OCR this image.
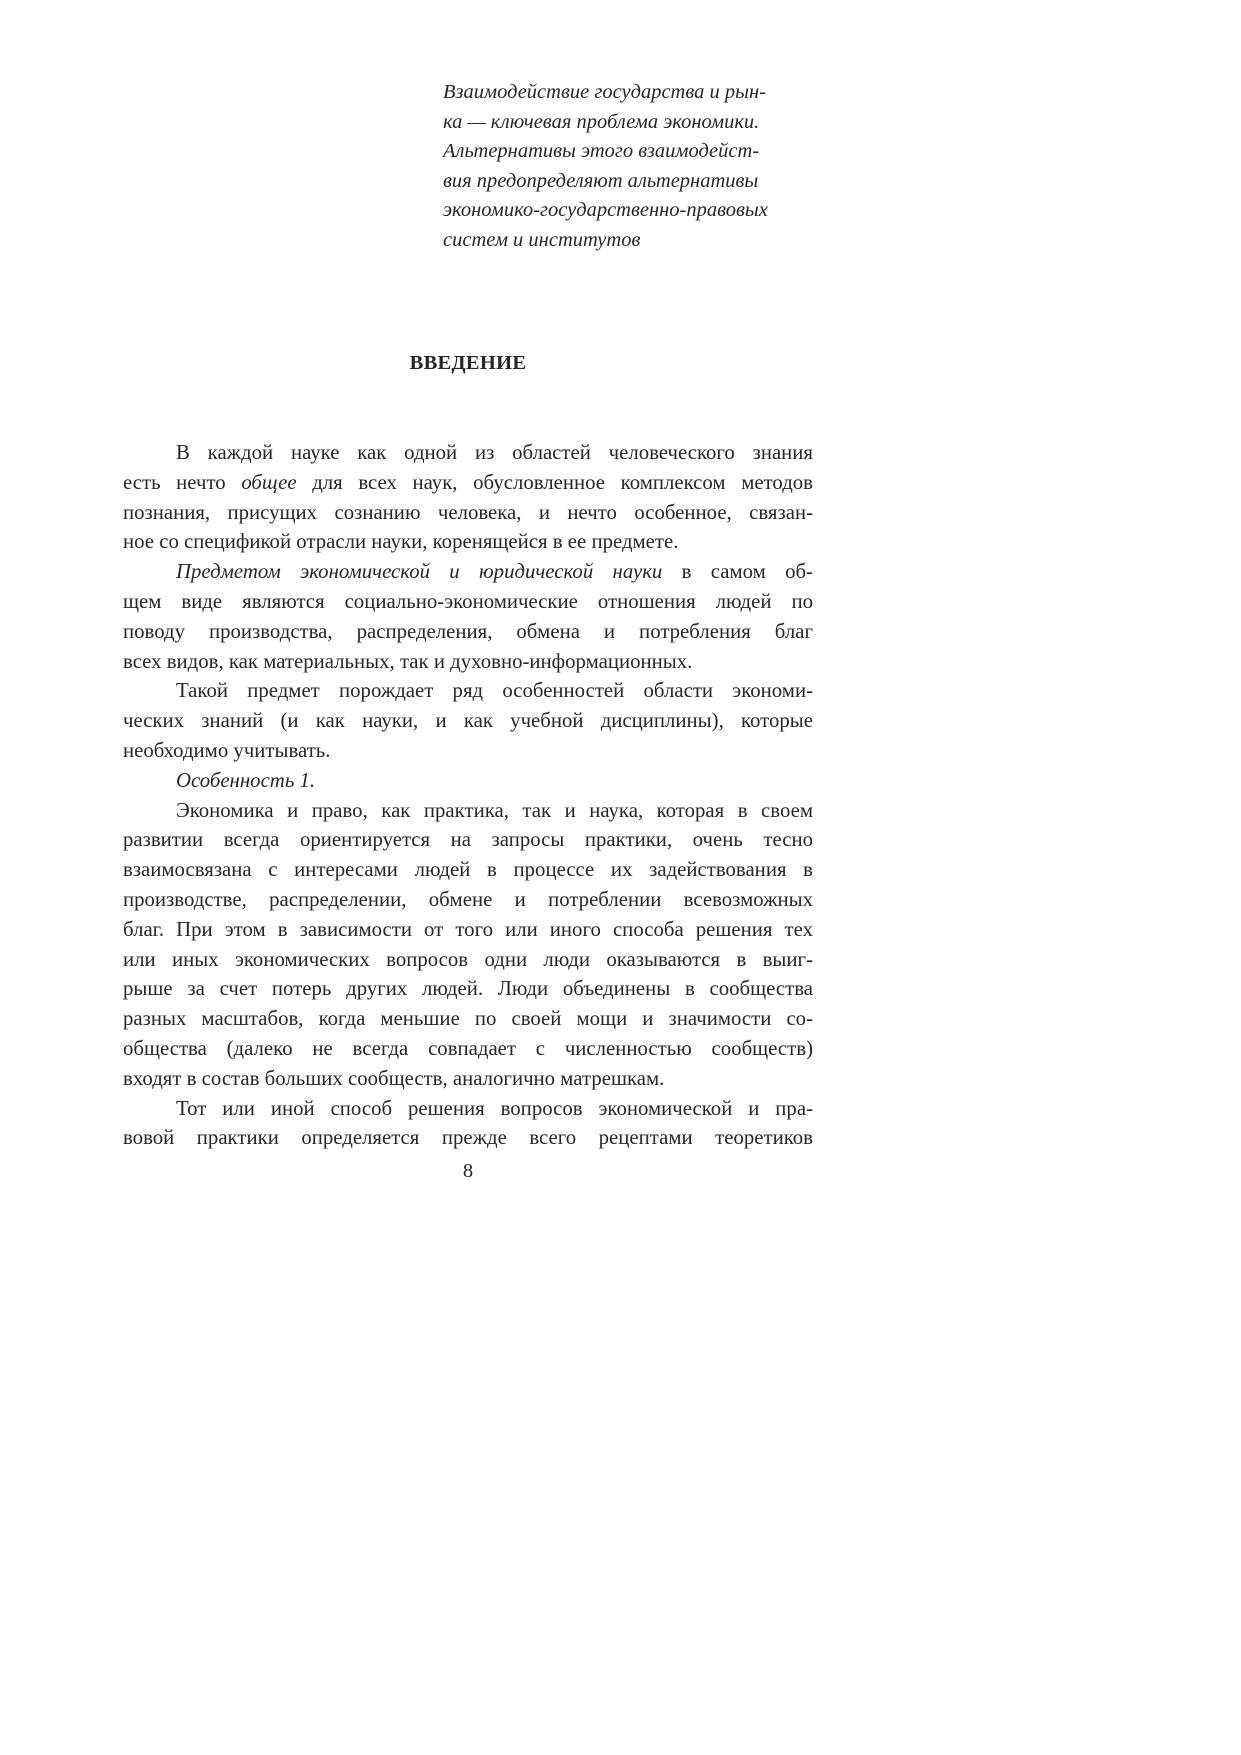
Взаимодействие государства и рын-
ка — ключевая проблема экономики.
Альтернативы этого взаимодейст-
вия предопределяют альтернативы
экономико-государственно-правовых
систем и институтов
ВВЕДЕНИЕ
В каждой науке как одной из областей человеческого знания
есть нечто общее для всех наук, обусловленное комплексом методов
познания, присущих сознанию человека, и нечто особенное, связан-
ное со спецификой отрасли науки, коренящейся в ее предмете.
Предметом экономической и юридической науки в самом об-
щем виде являются социально-экономические отношения людей по
поводу производства, распределения, обмена и потребления благ
всех видов, как материальных, так и духовно-информационных.
Такой предмет порождает ряд особенностей области экономи-
ческих знаний (и как науки, и как учебной дисциплины), которые
необходимо учитывать.
Особенность 1.
Экономика и право, как практика, так и наука, которая в своем
развитии всегда ориентируется на запросы практики, очень тесно
взаимосвязана с интересами людей в процессе их задействования в
производстве, распределении, обмене и потреблении всевозможных
благ. При этом в зависимости от того или иного способа решения тех
или иных экономических вопросов одни люди оказываются в выиг-
рыше за счет потерь других людей. Люди объединены в сообщества
разных масштабов, когда меньшие по своей мощи и значимости со-
общества (далеко не всегда совпадает с численностью сообществ)
входят в состав больших сообществ, аналогично матрешкам.
Тот или иной способ решения вопросов экономической и пра-
вовой практики определяется прежде всего рецептами теоретиков
8
